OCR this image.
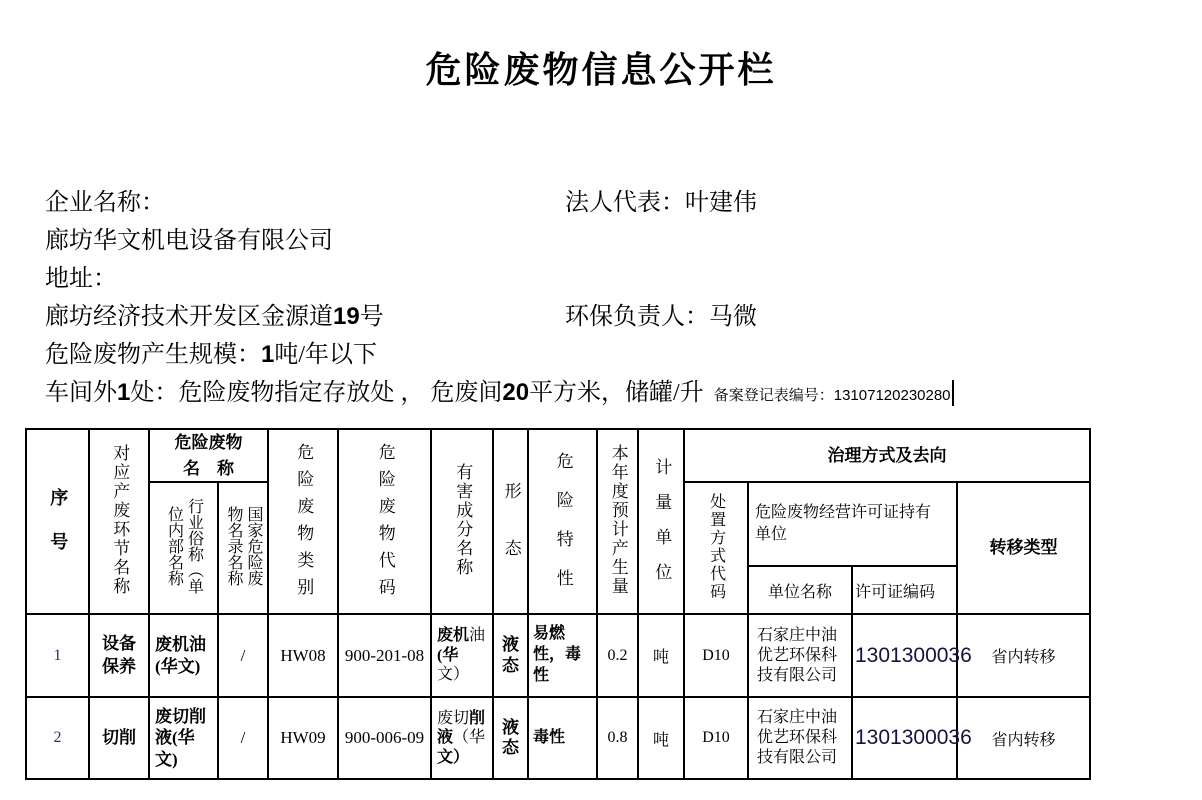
危险废物信息公开栏
企业名称：	法人代表：叶建伟
廊坊华文机电设备有限公司
地址：
廊坊经济技术开发区金源道19号	环保负责人：马微
危险废物产生规模：1吨/年以下
车间外1处：危险废物指定存放处 ， 危废间20平方米，储罐/升 备案登记表编号：13107120230280
序号	对应产废环节名称	危险废物
名　称		危险废物类别	危险废物代码	有害成分名称	形态	危险特性	本年度预计产生量	计量单位	治理方式及去向			
		行业俗称（单位内部名称	国家危险废物名录名称								处置方式代码	危险废物经营许可证持有单位		转移类型
												单位名称	许可证编码	
1	设备保养	废机油(华文)	/	HW08	900-201-08	废机油(华文）	液态	易燃性，毒性	0.2	吨	D10	石家庄中油优艺环保科技有限公司	1301300036	省内转移
2	切削	废切削液(华文)	/	HW09	900-006-09	废切削液（华文）	液态	毒性	0.8	吨	D10	石家庄中油优艺环保科技有限公司	1301300036	省内转移
